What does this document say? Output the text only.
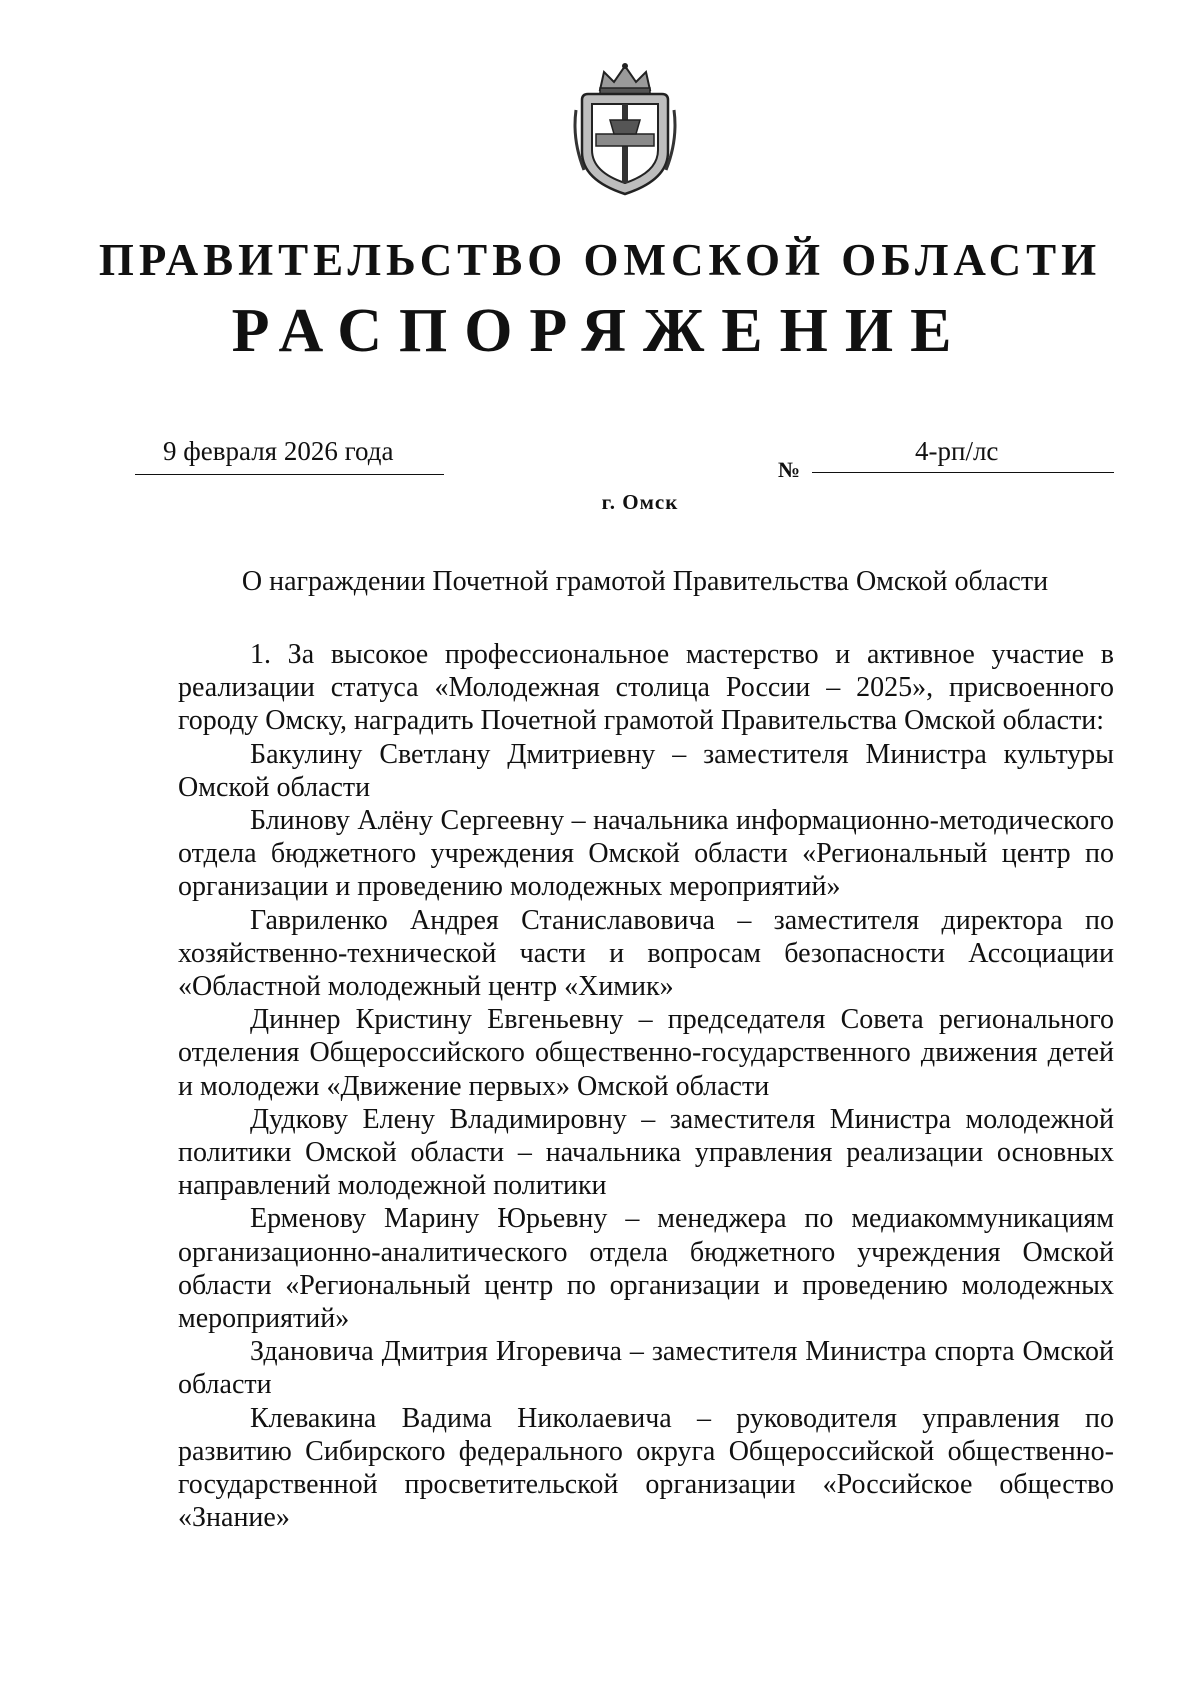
ПРАВИТЕЛЬСТВО ОМСКОЙ ОБЛАСТИ
РАСПОРЯЖЕНИЕ
9 февраля 2026 года
№
4-рп/лс
г. Омск
О награждении Почетной грамотой Правительства Омской области

1. За высокое профессиональное мастерство и активное участие в реализации статуса «Молодежная столица России – 2025», присвоенного городу Омску, наградить Почетной грамотой Правительства Омской области:

Бакулину Светлану Дмитриевну – заместителя Министра культуры Омской области

Блинову Алёну Сергеевну – начальника информационно-методического отдела бюджетного учреждения Омской области «Региональный центр по организации и проведению молодежных мероприятий»

Гавриленко Андрея Станиславовича – заместителя директора по хозяйственно-технической части и вопросам безопасности Ассоциации «Областной молодежный центр «Химик»

Диннер Кристину Евгеньевну – председателя Совета регионального отделения Общероссийского общественно-государственного движения детей и молодежи «Движение первых» Омской области

Дудкову Елену Владимировну – заместителя Министра молодежной политики Омской области – начальника управления реализации основных направлений молодежной политики

Ерменову Марину Юрьевну – менеджера по медиакоммуникациям организационно-аналитического отдела бюджетного учреждения Омской области «Региональный центр по организации и проведению молодежных мероприятий»

Здановича Дмитрия Игоревича – заместителя Министра спорта Омской области

Клевакина Вадима Николаевича – руководителя управления по развитию Сибирского федерального округа Общероссийской общественно-государственной просветительской организации «Российское общество «Знание»
